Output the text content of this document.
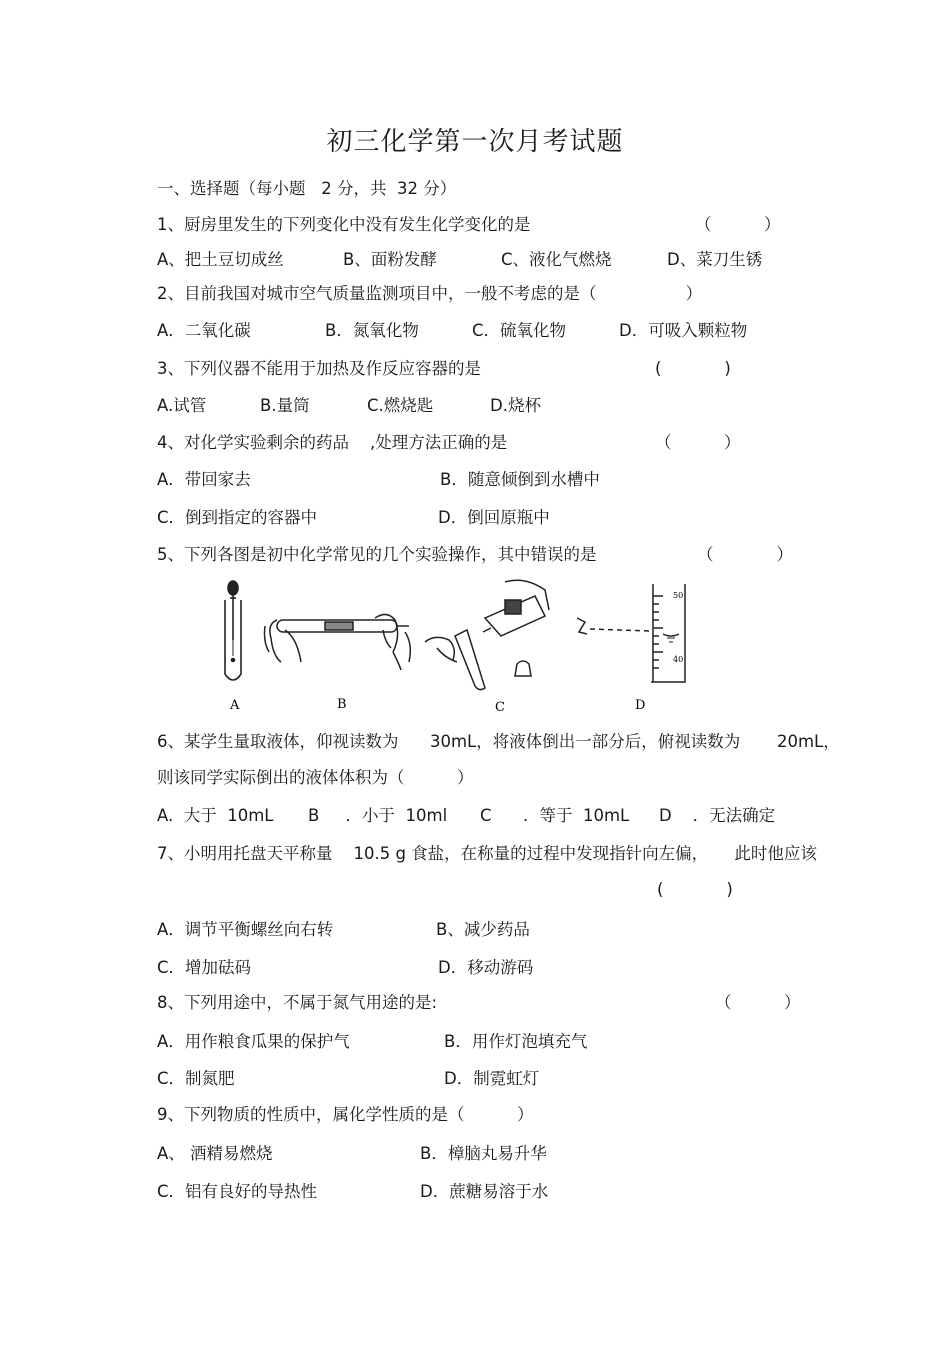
初三化学第一次月考试题
一、选择题（每小题   2 分，共  32 分）
1、厨房里发生的下列变化中没有发生化学变化的是	（          ）
A、把土豆切成丝	B、面粉发酵	C、液化气燃烧	D、菜刀生锈
2、目前我国对城市空气质量监测项目中，一般不考虑的是（                 ）
A．二氧化碳	B．氮氧化物	C．硫氧化物	D．可吸入颗粒物
3、下列仪器不能用于加热及作反应容器的是	(            )
A.试管	B.量筒	C.燃烧匙	D.烧杯
4、对化学实验剩余的药品    ,处理方法正确的是	（          ）
A．带回家去	B．随意倾倒到水槽中
C．倒到指定的容器中	D．倒回原瓶中
5、下列各图是初中化学常见的几个实验操作，其中错误的是	（            ）
50
40
A	B	C	D
6、某学生量取液体，仰视读数为      30mL，将液体倒出一部分后，俯视读数为       20mL，
则该同学实际倒出的液体体积为（          ）
A.  大于  10mL B     ．小于  10ml C      ．等于  10mL D    ．无法确定
7、小明用托盘天平称量    10.5 g 食盐，在称量的过程中发现指针向左偏，     此时他应该
(            )
A．调节平衡螺丝向右转	B、减少药品
C．增加砝码	D．移动游码
8、下列用途中，不属于氮气用途的是:	（          ）
A．用作粮食瓜果的保护气	B．用作灯泡填充气
C．制氮肥	D．制霓虹灯
9、下列物质的性质中，属化学性质的是（          ）
A、 酒精易燃烧	B．樟脑丸易升华
C．铝有良好的导热性	D．蔗糖易溶于水
